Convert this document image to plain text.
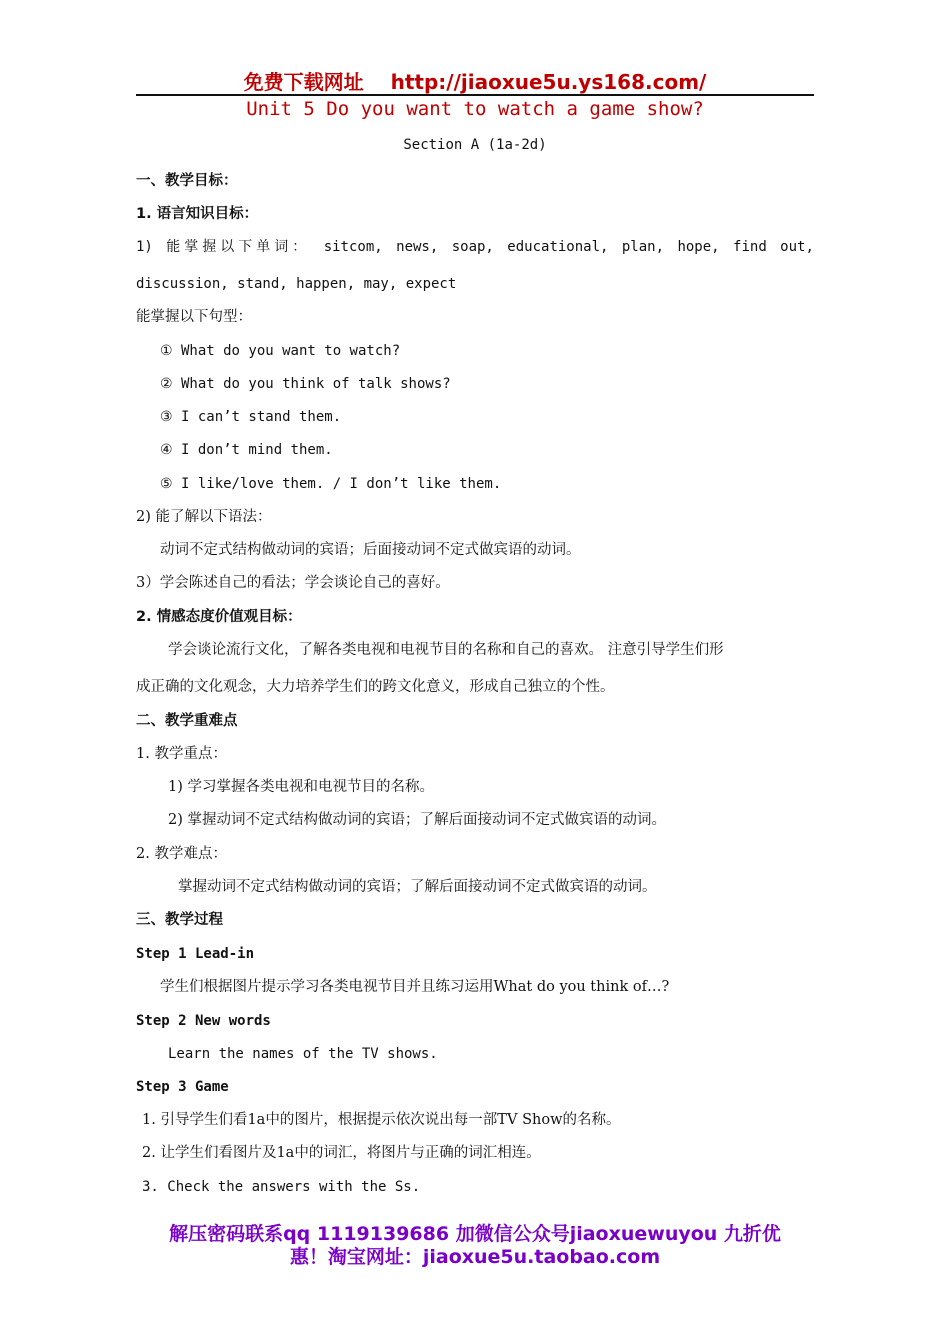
免费下载网址 http://jiaoxue5u.ys168.com/
Unit 5 Do you want to watch a game show?
Section A (1a-2d)
一、教学目标：
1. 语言知识目标：
1) 能掌握以下单词： sitcom, news, soap, educational, plan, hope, find out,
discussion, stand, happen, may, expect
能掌握以下句型：
① What do you want to watch?
② What do you think of talk shows?
③ I can’t stand them.
④ I don’t mind them.
⑤ I like/love them. / I don’t like them.
2) 能了解以下语法：
动词不定式结构做动词的宾语；后面接动词不定式做宾语的动词。
3）学会陈述自己的看法；学会谈论自己的喜好。
2. 情感态度价值观目标：
学会谈论流行文化，了解各类电视和电视节目的名称和自己的喜欢。 注意引导学生们形
成正确的文化观念，大力培养学生们的跨文化意义，形成自己独立的个性。
二、教学重难点
1. 教学重点：
1) 学习掌握各类电视和电视节目的名称。
2) 掌握动词不定式结构做动词的宾语；了解后面接动词不定式做宾语的动词。
2. 教学难点：
掌握动词不定式结构做动词的宾语；了解后面接动词不定式做宾语的动词。
三、教学过程
Step 1 Lead-in
学生们根据图片提示学习各类电视节目并且练习运用What do you think of…?
Step 2 New words
Learn the names of the TV shows.
Step 3 Game
1. 引导学生们看1a中的图片，根据提示依次说出每一部TV Show的名称。
2. 让学生们看图片及1a中的词汇，将图片与正确的词汇相连。
3. Check the answers with the Ss.
解压密码联系qq 1119139686 加微信公众号jiaoxuewuyou 九折优
惠！淘宝网址：jiaoxue5u.taobao.com
